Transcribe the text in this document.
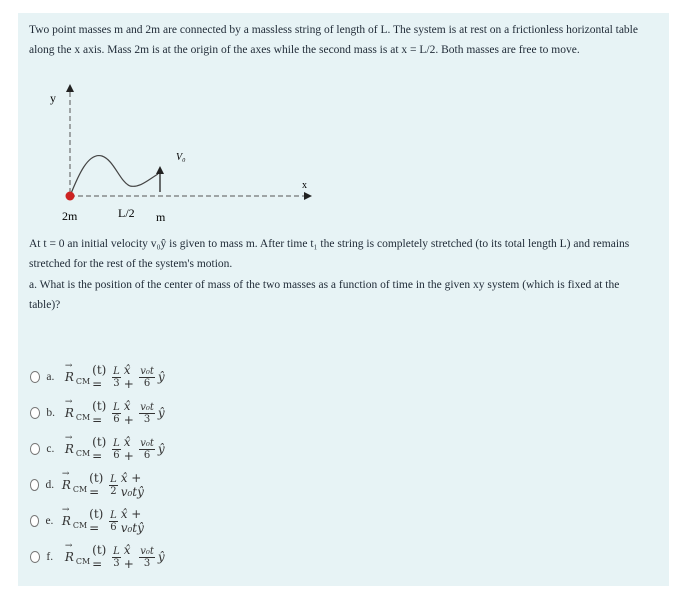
Two point masses m and 2m are connected by a massless string of length of L. The system is at rest on a frictionless horizontal table along the x axis. Mass 2m is at the origin of the axes while the second mass is at x = L/2. Both masses are free to move.
y
x
V₀
2m	L/2 m
At t = 0 an initial velocity v₀ŷ is given to mass m. After time t₁ the string is completely stretched (to its total length L) and remains stretched for the rest of the system's motion.
a. What is the position of the center of mass of the two masses as a function of time in the given xy system (which is fixed at the table)?
a.
→
R CM
$(t) = \frac{L}{3}$ x̂ + $\frac{\text{v₀t}}{6}$ ŷ
b.
→
R CM
$(t) = \frac{L}{6}$ x̂ + $\frac{\text{v₀t}}{3}$ ŷ
c.
→
R CM
$(t) = \frac{L}{6}$ x̂ + $\frac{\text{v₀t}}{6}$ ŷ
d.
→
R CM
$(t) = \frac{L}{2}$ x̂ + v₀tŷ
e.
→
R CM
$(t) = \frac{L}{6}$ x̂ + v₀tŷ
f.
→
R CM
$(t) = \frac{L}{3}$ x̂ + $\frac{\text{v₀t}}{3}$ ŷ
